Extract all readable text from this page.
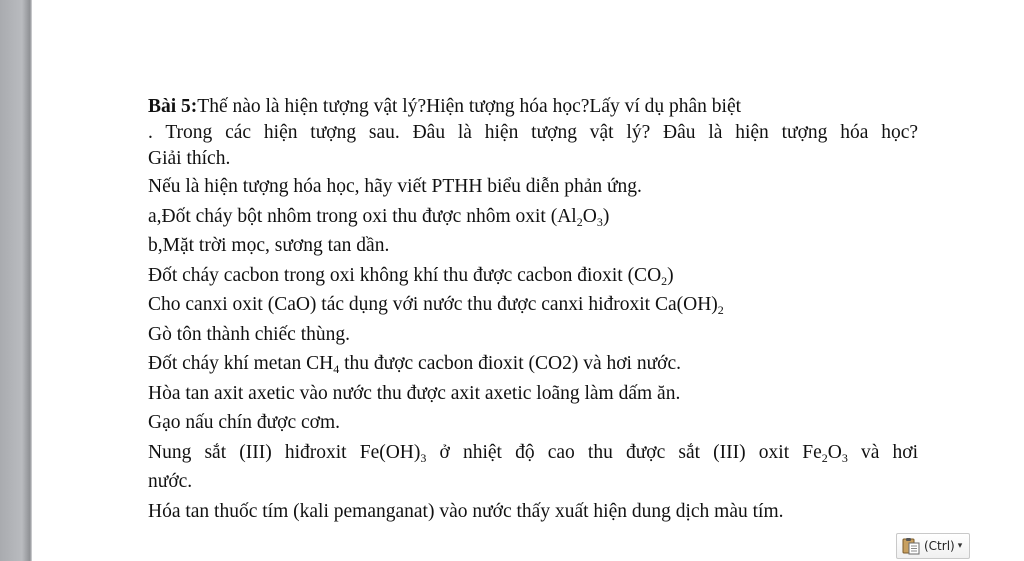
Bài 5:Thế nào là hiện tượng vật lý?Hiện tượng hóa học?Lấy ví dụ phân biệt
. Trong các hiện tượng sau. Đâu là hiện tượng vật lý? Đâu là hiện tượng hóa học?
Giải thích.
Nếu là hiện tượng hóa học, hãy viết PTHH biểu diễn phản ứng.
a,Đốt cháy bột nhôm trong oxi thu được nhôm oxit $(Al_2O_3)$
b,Mặt trời mọc, sương tan dần.
Đốt cháy cacbon trong oxi không khí thu được cacbon đioxit $(CO_2)$
Cho canxi oxit (CaO) tác dụng với nước thu được canxi hiđroxit $Ca(OH)_2$
Gò tôn thành chiếc thùng.
Đốt cháy khí metan $CH_4$ thu được cacbon đioxit (CO2) và hơi nước.
Hòa tan axit axetic vào nước thu được axit axetic loãng làm dấm ăn.
Gạo nấu chín được cơm.
Nung sắt (III) hiđroxit $Fe(OH)_3$ ở nhiệt độ cao thu được sắt (III) oxit $Fe_2O_3$ và hơi
nước.
Hóa tan thuốc tím (kali pemanganat) vào nước thấy xuất hiện dung dịch màu tím.
(Ctrl) ▾
